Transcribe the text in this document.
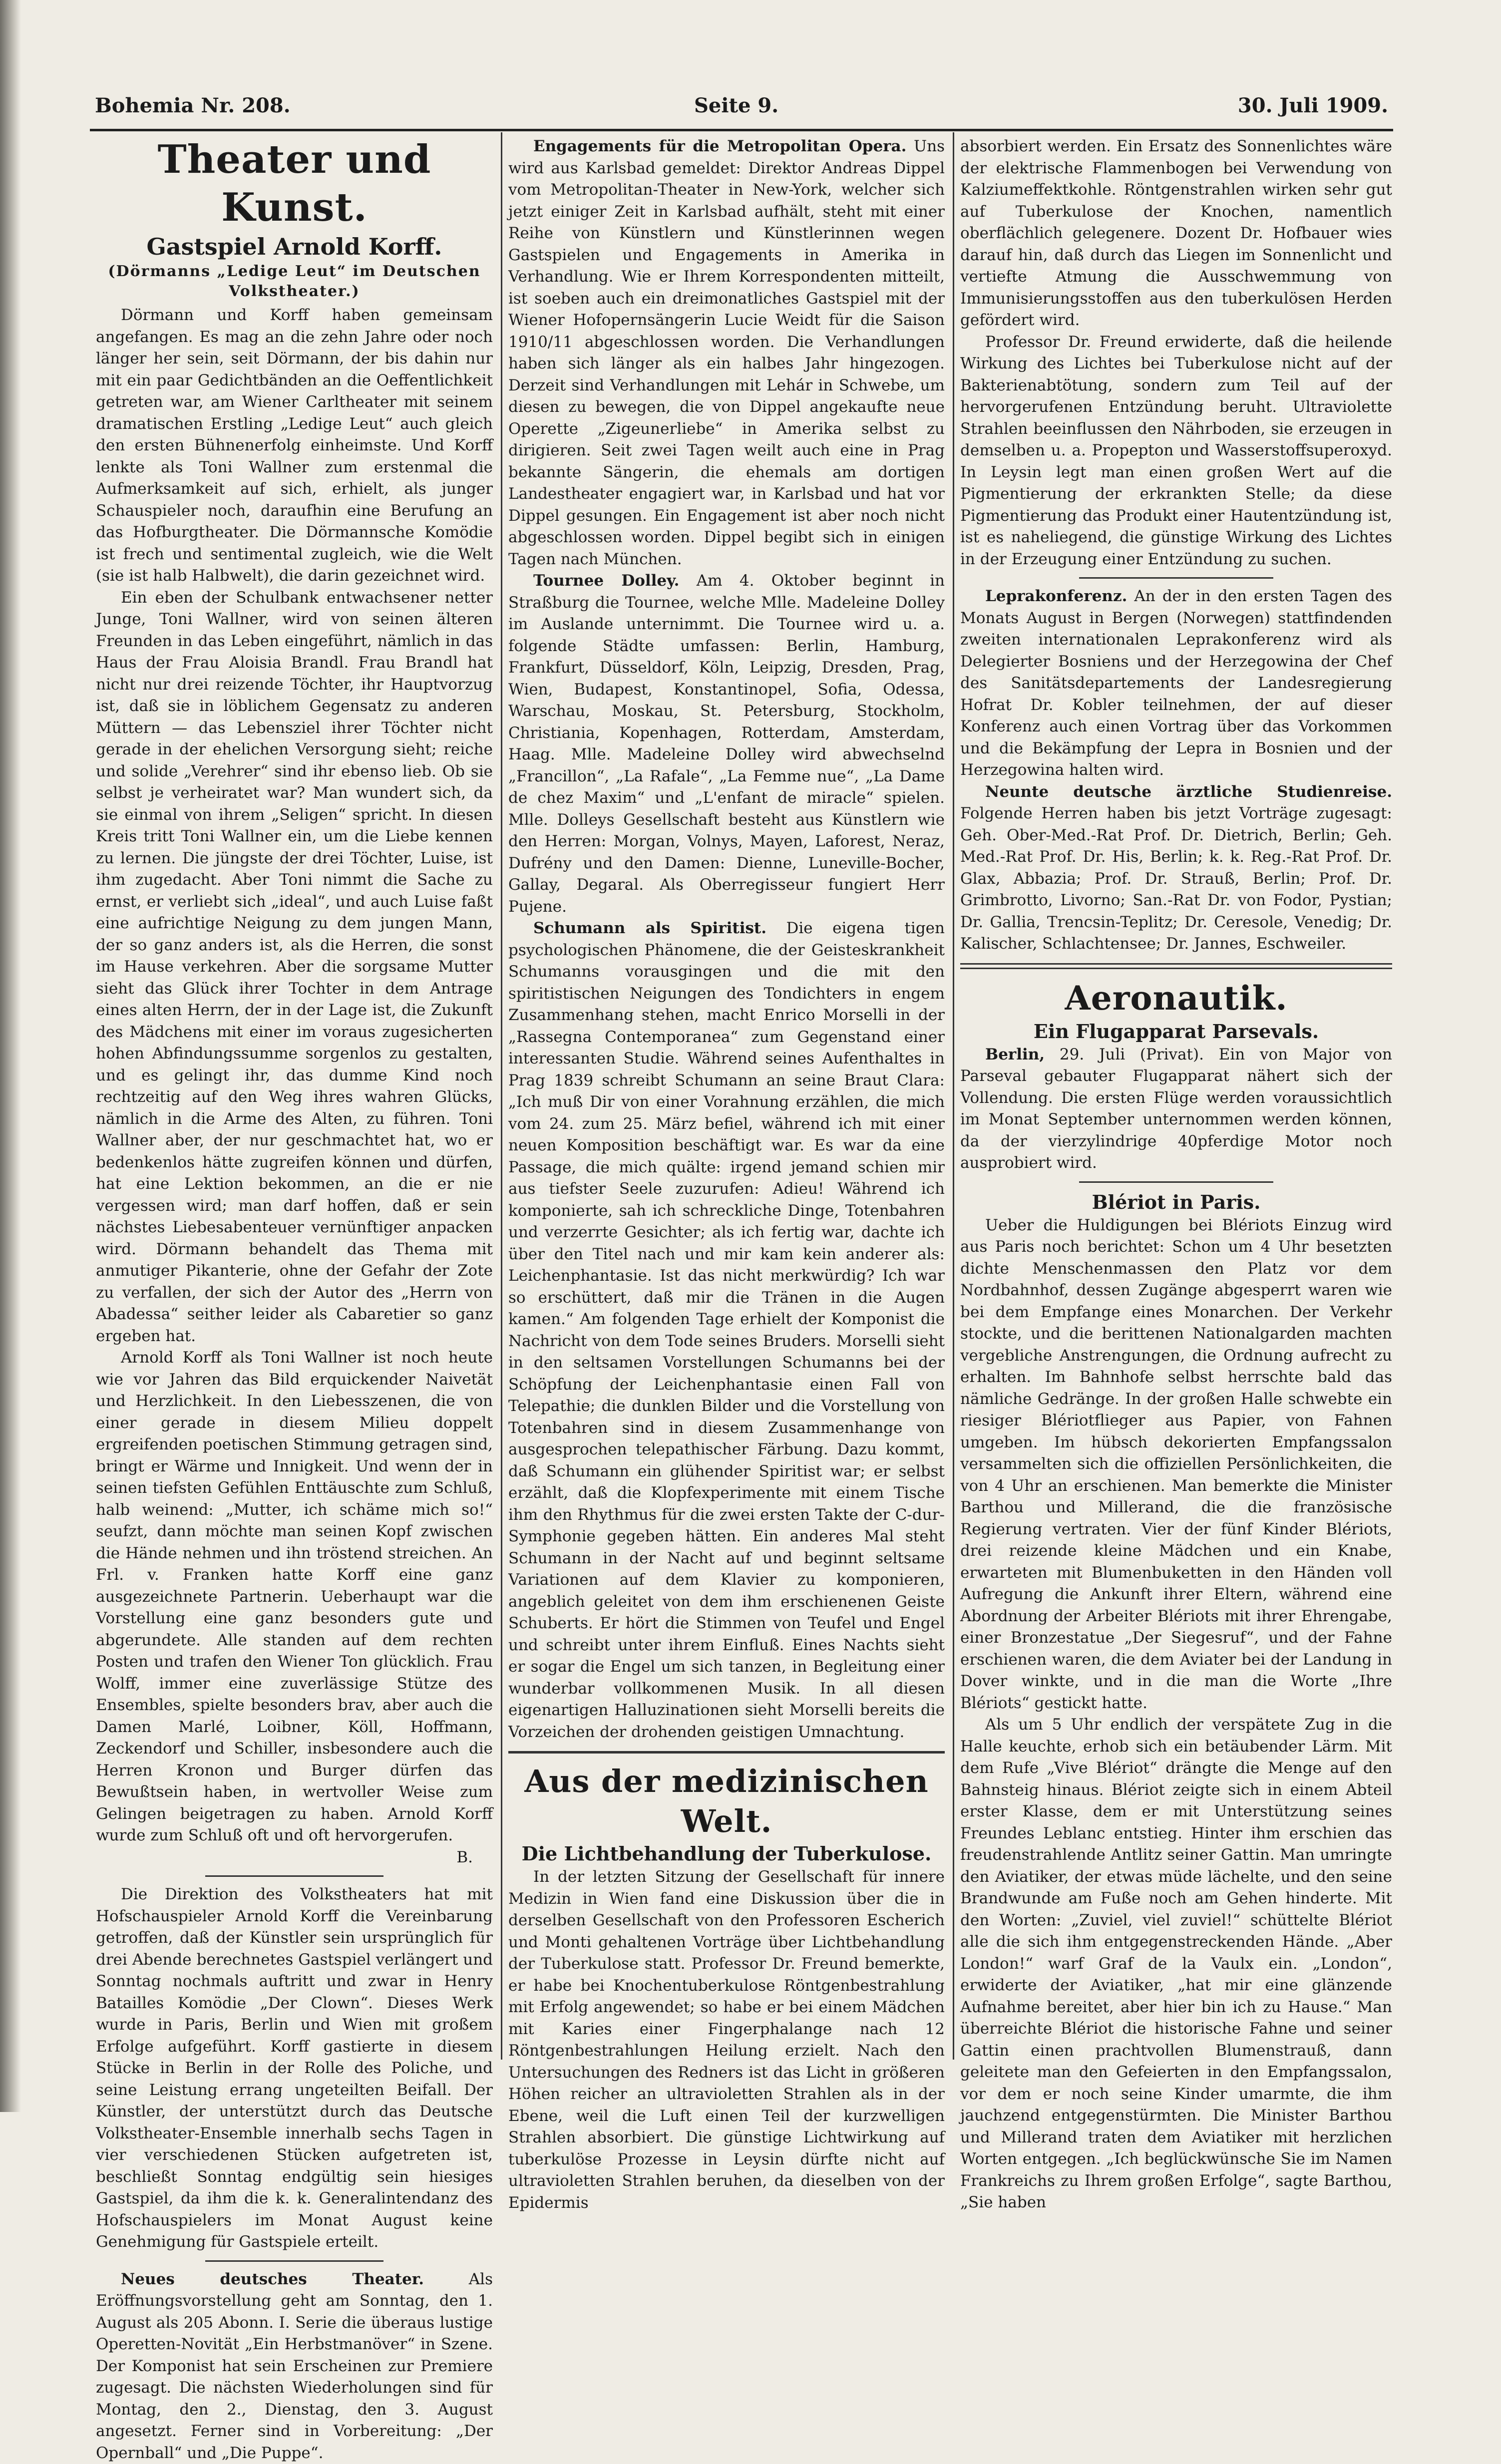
Bohemia Nr. 208.	Seite 9.	30. Juli 1909.
Theater und Kunst.
Gastspiel Arnold Korff.
(Dörmanns „Ledige Leut“ im Deutschen Volkstheater.)

Dörmann und Korff haben gemeinsam angefangen. Es mag an die zehn Jahre oder noch länger her sein, seit Dörmann, der bis dahin nur mit ein paar Gedichtbänden an die Oeffentlichkeit getreten war, am Wiener Carltheater mit seinem dramatischen Erstling „Ledige Leut“ auch gleich den ersten Bühnenerfolg einheimste. Und Korff lenkte als Toni Wallner zum erstenmal die Aufmerksamkeit auf sich, erhielt, als junger Schauspieler noch, daraufhin eine Berufung an das Hofburgtheater. Die Dörmannsche Komödie ist frech und sentimental zugleich, wie die Welt (sie ist halb Halbwelt), die darin gezeichnet wird.

Ein eben der Schulbank entwachsener netter Junge, Toni Wallner, wird von seinen älteren Freunden in das Leben eingeführt, nämlich in das Haus der Frau Aloisia Brandl. Frau Brandl hat nicht nur drei reizende Töchter, ihr Hauptvorzug ist, daß sie in löblichem Gegensatz zu anderen Müttern — das Lebensziel ihrer Töchter nicht gerade in der ehelichen Versorgung sieht; reiche und solide „Verehrer“ sind ihr ebenso lieb. Ob sie selbst je verheiratet war? Man wundert sich, da sie einmal von ihrem „Seligen“ spricht. In diesen Kreis tritt Toni Wallner ein, um die Liebe kennen zu lernen. Die jüngste der drei Töchter, Luise, ist ihm zugedacht. Aber Toni nimmt die Sache zu ernst, er verliebt sich „ideal“, und auch Luise faßt eine aufrichtige Neigung zu dem jungen Mann, der so ganz anders ist, als die Herren, die sonst im Hause verkehren. Aber die sorgsame Mutter sieht das Glück ihrer Tochter in dem Antrage eines alten Herrn, der in der Lage ist, die Zukunft des Mädchens mit einer im voraus zugesicherten hohen Abfindungssumme sorgenlos zu gestalten, und es gelingt ihr, das dumme Kind noch rechtzeitig auf den Weg ihres wahren Glücks, nämlich in die Arme des Alten, zu führen. Toni Wallner aber, der nur geschmachtet hat, wo er bedenkenlos hätte zugreifen können und dürfen, hat eine Lektion bekommen, an die er nie vergessen wird; man darf hoffen, daß er sein nächstes Liebesabenteuer vernünftiger anpacken wird. Dörmann behandelt das Thema mit anmutiger Pikanterie, ohne der Gefahr der Zote zu verfallen, der sich der Autor des „Herrn von Abadessa“ seither leider als Cabaretier so ganz ergeben hat.

Arnold Korff als Toni Wallner ist noch heute wie vor Jahren das Bild erquickender Naivetät und Herzlichkeit. In den Liebesszenen, die von einer gerade in diesem Milieu doppelt ergreifenden poetischen Stimmung getragen sind, bringt er Wärme und Innigkeit. Und wenn der in seinen tiefsten Gefühlen Enttäuschte zum Schluß, halb weinend: „Mutter, ich schäme mich so!“ seufzt, dann möchte man seinen Kopf zwischen die Hände nehmen und ihn tröstend streichen. An Frl. v. Franken hatte Korff eine ganz ausgezeichnete Partnerin. Ueberhaupt war die Vorstellung eine ganz besonders gute und abgerundete. Alle standen auf dem rechten Posten und trafen den Wiener Ton glücklich. Frau Wolff, immer eine zuverlässige Stütze des Ensembles, spielte besonders brav, aber auch die Damen Marlé, Loibner, Köll, Hoffmann, Zeckendorf und Schiller, insbesondere auch die Herren Kronon und Burger dürfen das Bewußtsein haben, in wertvoller Weise zum Gelingen beigetragen zu haben. Arnold Korff wurde zum Schluß oft und oft hervorgerufen.

B.

Die Direktion des Volkstheaters hat mit Hofschauspieler Arnold Korff die Vereinbarung getroffen, daß der Künstler sein ursprünglich für drei Abende berechnetes Gastspiel verlängert und Sonntag nochmals auftritt und zwar in Henry Batailles Komödie „Der Clown“. Dieses Werk wurde in Paris, Berlin und Wien mit großem Erfolge aufgeführt. Korff gastierte in diesem Stücke in Berlin in der Rolle des Poliche, und seine Leistung errang ungeteilten Beifall. Der Künstler, der unterstützt durch das Deutsche Volkstheater-Ensemble innerhalb sechs Tagen in vier verschiedenen Stücken aufgetreten ist, beschließt Sonntag endgültig sein hiesiges Gastspiel, da ihm die k. k. Generalintendanz des Hofschauspielers im Monat August keine Genehmigung für Gastspiele erteilt.

Neues deutsches Theater.	Als Eröffnungsvorstellung geht am Sonntag, den 1. August als 205 Abonn. I. Serie die überaus lustige Operetten-Novität „Ein Herbstmanöver“ in Szene. Der Komponist hat sein Erscheinen zur Premiere zugesagt. Die nächsten Wiederholungen sind für Montag, den 2., Dienstag, den 3. August angesetzt. Ferner sind in Vorbereitung: „Der Opernball“ und „Die Puppe“.

Engagements für die Metropolitan Opera. Uns wird aus Karlsbad gemeldet: Direktor Andreas Dippel vom Metropolitan-Theater in New-York, welcher sich jetzt einiger Zeit in Karlsbad aufhält, steht mit einer Reihe von Künstlern und Künstlerinnen wegen Gastspielen und Engagements in Amerika in Verhandlung. Wie er Ihrem Korrespondenten mitteilt, ist soeben auch ein dreimonatliches Gastspiel mit der Wiener Hofopernsängerin Lucie Weidt für die Saison 1910/11 abgeschlossen worden. Die Verhandlungen haben sich länger als ein halbes Jahr hingezogen. Derzeit sind Verhandlungen mit Lehár in Schwebe, um diesen zu bewegen, die von Dippel angekaufte neue Operette „Zigeunerliebe“ in Amerika selbst zu dirigieren. Seit zwei Tagen weilt auch eine in Prag bekannte Sängerin, die ehemals am dortigen Landestheater engagiert war, in Karlsbad und hat vor Dippel gesungen. Ein Engagement ist aber noch nicht abgeschlossen worden. Dippel begibt sich in einigen Tagen nach München.

Tournee Dolley. Am 4. Oktober beginnt in Straßburg die Tournee, welche Mlle. Madeleine Dolley im Auslande unternimmt. Die Tournee wird u. a. folgende Städte umfassen: Berlin, Hamburg, Frankfurt, Düsseldorf, Köln, Leipzig, Dresden, Prag, Wien, Budapest, Konstantinopel, Sofia, Odessa, Warschau, Moskau, St. Petersburg, Stockholm, Christiania, Kopenhagen, Rotterdam, Amsterdam, Haag. Mlle. Madeleine Dolley wird abwechselnd „Francillon“, „La Rafale“, „La Femme nue“, „La Dame de chez Maxim“ und „L'enfant de miracle“ spielen. Mlle. Dolleys Gesellschaft besteht aus Künstlern wie den Herren: Morgan, Volnys, Mayen, Laforest, Neraz, Dufrény und den Damen: Dienne, Luneville-Bocher, Gallay, Degaral. Als Oberregisseur fungiert Herr Pujene.

Schumann als Spiritist. Die eigena tigen psychologischen Phänomene, die der Geisteskrankheit Schumanns vorausgingen und die mit den spiritistischen Neigungen des Tondichters in engem Zusammenhang stehen, macht Enrico Morselli in der „Rassegna Contemporanea“ zum Gegenstand einer interessanten Studie. Während seines Aufenthaltes in Prag 1839 schreibt Schumann an seine Braut Clara: „Ich muß Dir von einer Vorahnung erzählen, die mich vom 24. zum 25. März befiel, während ich mit einer neuen Komposition beschäftigt war. Es war da eine Passage, die mich quälte: irgend jemand schien mir aus tiefster Seele zuzurufen: Adieu! Während ich komponierte, sah ich schreckliche Dinge, Totenbahren und verzerrte Gesichter; als ich fertig war, dachte ich über den Titel nach und mir kam kein anderer als: Leichenphantasie. Ist das nicht merkwürdig? Ich war so erschüttert, daß mir die Tränen in die Augen kamen.“ Am folgenden Tage erhielt der Komponist die Nachricht von dem Tode seines Bruders. Morselli sieht in den seltsamen Vorstellungen Schumanns bei der Schöpfung der Leichenphantasie einen Fall von Telepathie; die dunklen Bilder und die Vorstellung von Totenbahren sind in diesem Zusammenhange von ausgesprochen telepathischer Färbung. Dazu kommt, daß Schumann ein glühender Spiritist war; er selbst erzählt, daß die Klopfexperimente mit einem Tische ihm den Rhythmus für die zwei ersten Takte der C-dur-Symphonie gegeben hätten. Ein anderes Mal steht Schumann in der Nacht auf und beginnt seltsame Variationen auf dem Klavier zu komponieren, angeblich geleitet von dem ihm erschienenen Geiste Schuberts. Er hört die Stimmen von Teufel und Engel und schreibt unter ihrem Einfluß. Eines Nachts sieht er sogar die Engel um sich tanzen, in Begleitung einer wunderbar vollkommenen Musik. In all diesen eigenartigen Halluzinationen sieht Morselli bereits die Vorzeichen der drohenden geistigen Umnachtung.

Aus der medizinischen Welt.
Die Lichtbehandlung der Tuberkulose.

In der letzten Sitzung der Gesellschaft für innere Medizin in Wien fand eine Diskussion über die in derselben Gesellschaft von den Professoren Escherich und Monti gehaltenen Vorträge über Lichtbehandlung der Tuberkulose statt. Professor Dr. Freund bemerkte, er habe bei Knochentuberkulose Röntgenbestrahlung mit Erfolg angewendet; so habe er bei einem Mädchen mit Karies einer Fingerphalange nach 12 Röntgenbestrahlungen Heilung erzielt. Nach den Untersuchungen des Redners ist das Licht in größeren Höhen reicher an ultravioletten Strahlen als in der Ebene, weil die Luft einen Teil der kurzwelligen Strahlen absorbiert. Die günstige Lichtwirkung auf tuberkulöse Prozesse in Leysin dürfte nicht auf ultravioletten Strahlen beruhen, da dieselben von der Epidermis

absorbiert werden. Ein Ersatz des Sonnenlichtes wäre der elektrische Flammenbogen bei Verwendung von Kalziumeffektkohle. Röntgenstrahlen wirken sehr gut auf Tuberkulose der Knochen, namentlich oberflächlich gelegenere. Dozent Dr. Hofbauer wies darauf hin, daß durch das Liegen im Sonnenlicht und vertiefte Atmung die Ausschwemmung von Immunisierungsstoffen aus den tuberkulösen Herden gefördert wird.

Professor Dr. Freund erwiderte, daß die heilende Wirkung des Lichtes bei Tuberkulose nicht auf der Bakterienabtötung, sondern zum Teil auf der hervorgerufenen Entzündung beruht. Ultraviolette Strahlen beeinflussen den Nährboden, sie erzeugen in demselben u. a. Propepton und Wasserstoffsuperoxyd. In Leysin legt man einen großen Wert auf die Pigmentierung der erkrankten Stelle; da diese Pigmentierung das Produkt einer Hautentzündung ist, ist es naheliegend, die günstige Wirkung des Lichtes in der Erzeugung einer Entzündung zu suchen.

Leprakonferenz. An der in den ersten Tagen des Monats August in Bergen (Norwegen) stattfindenden zweiten internationalen Leprakonferenz wird als Delegierter Bosniens und der Herzegowina der Chef des Sanitätsdepartements der Landesregierung Hofrat Dr. Kobler teilnehmen, der auf dieser Konferenz auch einen Vortrag über das Vorkommen und die Bekämpfung der Lepra in Bosnien und der Herzegowina halten wird.

Neunte deutsche ärztliche Studienreise. Folgende Herren haben bis jetzt Vorträge zugesagt: Geh. Ober-Med.-Rat Prof. Dr. Dietrich, Berlin; Geh. Med.-Rat Prof. Dr. His, Berlin; k. k. Reg.-Rat Prof. Dr. Glax, Abbazia; Prof. Dr. Strauß, Berlin; Prof. Dr. Grimbrotto, Livorno; San.-Rat Dr. von Fodor, Pystian; Dr. Gallia, Trencsin-Teplitz; Dr. Ceresole, Venedig; Dr. Kalischer, Schlachtensee; Dr. Jannes, Eschweiler.

Aeronautik.
Ein Flugapparat Parsevals.

Berlin, 29. Juli (Privat). Ein von Major von Parseval gebauter Flugapparat nähert sich der Vollendung. Die ersten Flüge werden voraussichtlich im Monat September unternommen werden können, da der vierzylindrige 40pferdige Motor noch ausprobiert wird.

Blériot in Paris.

Ueber die Huldigungen bei Blériots Einzug wird aus Paris noch berichtet: Schon um 4 Uhr besetzten dichte Menschenmassen den Platz vor dem Nordbahnhof, dessen Zugänge abgesperrt waren wie bei dem Empfange eines Monarchen. Der Verkehr stockte, und die berittenen Nationalgarden machten vergebliche Anstrengungen, die Ordnung aufrecht zu erhalten. Im Bahnhofe selbst herrschte bald das nämliche Gedränge. In der großen Halle schwebte ein riesiger Blériotflieger aus Papier, von Fahnen umgeben. Im hübsch dekorierten Empfangssalon versammelten sich die offiziellen Persönlichkeiten, die von 4 Uhr an erschienen. Man bemerkte die Minister Barthou und Millerand, die die französische Regierung vertraten. Vier der fünf Kinder Blériots, drei reizende kleine Mädchen und ein Knabe, erwarteten mit Blumenbuketten in den Händen voll Aufregung die Ankunft ihrer Eltern, während eine Abordnung der Arbeiter Blériots mit ihrer Ehrengabe, einer Bronzestatue „Der Siegesruf“, und der Fahne erschienen waren, die dem Aviater bei der Landung in Dover winkte, und in die man die Worte „Ihre Blériots“ gestickt hatte.

Als um 5 Uhr endlich der verspätete Zug in die Halle keuchte, erhob sich ein betäubender Lärm. Mit dem Rufe „Vive Blériot“ drängte die Menge auf den Bahnsteig hinaus. Blériot zeigte sich in einem Abteil erster Klasse, dem er mit Unterstützung seines Freundes Leblanc entstieg. Hinter ihm erschien das freudenstrahlende Antlitz seiner Gattin. Man umringte den Aviatiker, der etwas müde lächelte, und den seine Brandwunde am Fuße noch am Gehen hinderte. Mit den Worten: „Zuviel, viel zuviel!“ schüttelte Blériot alle die sich ihm entgegenstreckenden Hände. „Aber London!“ warf Graf de la Vaulx ein. „London“, erwiderte der Aviatiker, „hat mir eine glänzende Aufnahme bereitet, aber hier bin ich zu Hause.“ Man überreichte Blériot die historische Fahne und seiner Gattin einen prachtvollen Blumenstrauß, dann geleitete man den Gefeierten in den Empfangssalon, vor dem er noch seine Kinder umarmte, die ihm jauchzend entgegenstürmten. Die Minister Barthou und Millerand traten dem Aviatiker mit herzlichen Worten entgegen. „Ich beglückwünsche Sie im Namen Frankreichs zu Ihrem großen Erfolge“, sagte Barthou, „Sie haben
